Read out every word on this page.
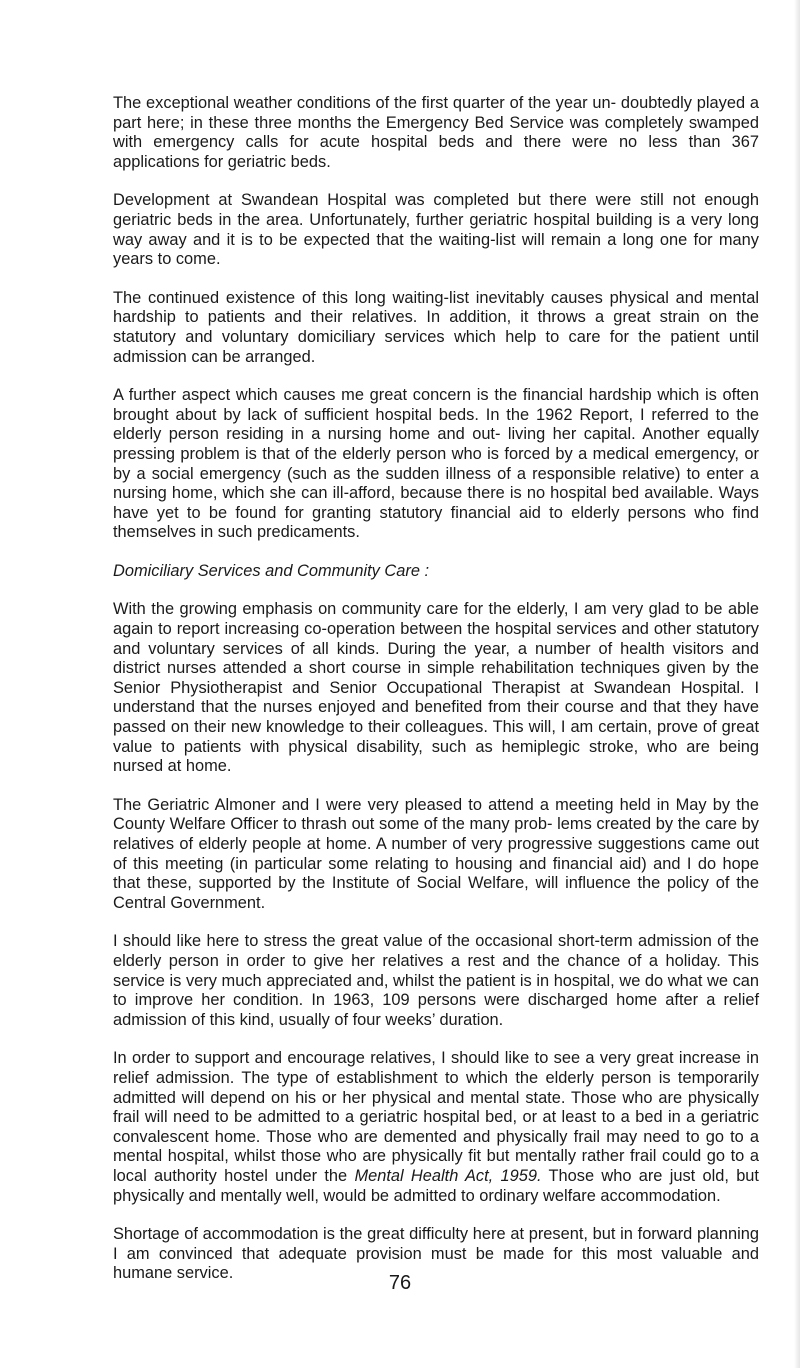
The exceptional weather conditions of the first quarter of the year un- doubtedly played a part here; in these three months the Emergency Bed Service was completely swamped with emergency calls for acute hospital beds and there were no less than 367 applications for geriatric beds.

Development at Swandean Hospital was completed but there were still not enough geriatric beds in the area. Unfortunately, further geriatric hospital building is a very long way away and it is to be expected that the waiting-list will remain a long one for many years to come.

The continued existence of this long waiting-list inevitably causes physical and mental hardship to patients and their relatives. In addition, it throws a great strain on the statutory and voluntary domiciliary services which help to care for the patient until admission can be arranged.

A further aspect which causes me great concern is the financial hardship which is often brought about by lack of sufficient hospital beds. In the 1962 Report, I referred to the elderly person residing in a nursing home and out- living her capital. Another equally pressing problem is that of the elderly person who is forced by a medical emergency, or by a social emergency (such as the sudden illness of a responsible relative) to enter a nursing home, which she can ill-afford, because there is no hospital bed available. Ways have yet to be found for granting statutory financial aid to elderly persons who find themselves in such predicaments.

Domiciliary Services and Community Care :

With the growing emphasis on community care for the elderly, I am very glad to be able again to report increasing co-operation between the hospital services and other statutory and voluntary services of all kinds. During the year, a number of health visitors and district nurses attended a short course in simple rehabilitation techniques given by the Senior Physiotherapist and Senior Occupational Therapist at Swandean Hospital. I understand that the nurses enjoyed and benefited from their course and that they have passed on their new knowledge to their colleagues. This will, I am certain, prove of great value to patients with physical disability, such as hemiplegic stroke, who are being nursed at home.

The Geriatric Almoner and I were very pleased to attend a meeting held in May by the County Welfare Officer to thrash out some of the many prob- lems created by the care by relatives of elderly people at home. A number of very progressive suggestions came out of this meeting (in particular some relating to housing and financial aid) and I do hope that these, supported by the Institute of Social Welfare, will influence the policy of the Central Government.

I should like here to stress the great value of the occasional short-term admission of the elderly person in order to give her relatives a rest and the chance of a holiday. This service is very much appreciated and, whilst the patient is in hospital, we do what we can to improve her condition. In 1963, 109 persons were discharged home after a relief admission of this kind, usually of four weeks’ duration.

In order to support and encourage relatives, I should like to see a very great increase in relief admission. The type of establishment to which the elderly person is temporarily admitted will depend on his or her physical and mental state. Those who are physically frail will need to be admitted to a geriatric hospital bed, or at least to a bed in a geriatric convalescent home. Those who are demented and physically frail may need to go to a mental hospital, whilst those who are physically fit but mentally rather frail could go to a local authority hostel under the Mental Health Act, 1959. Those who are just old, but physically and mentally well, would be admitted to ordinary welfare accommodation.

Shortage of accommodation is the great difficulty here at present, but in forward planning I am convinced that adequate provision must be made for this most valuable and humane service.	76
